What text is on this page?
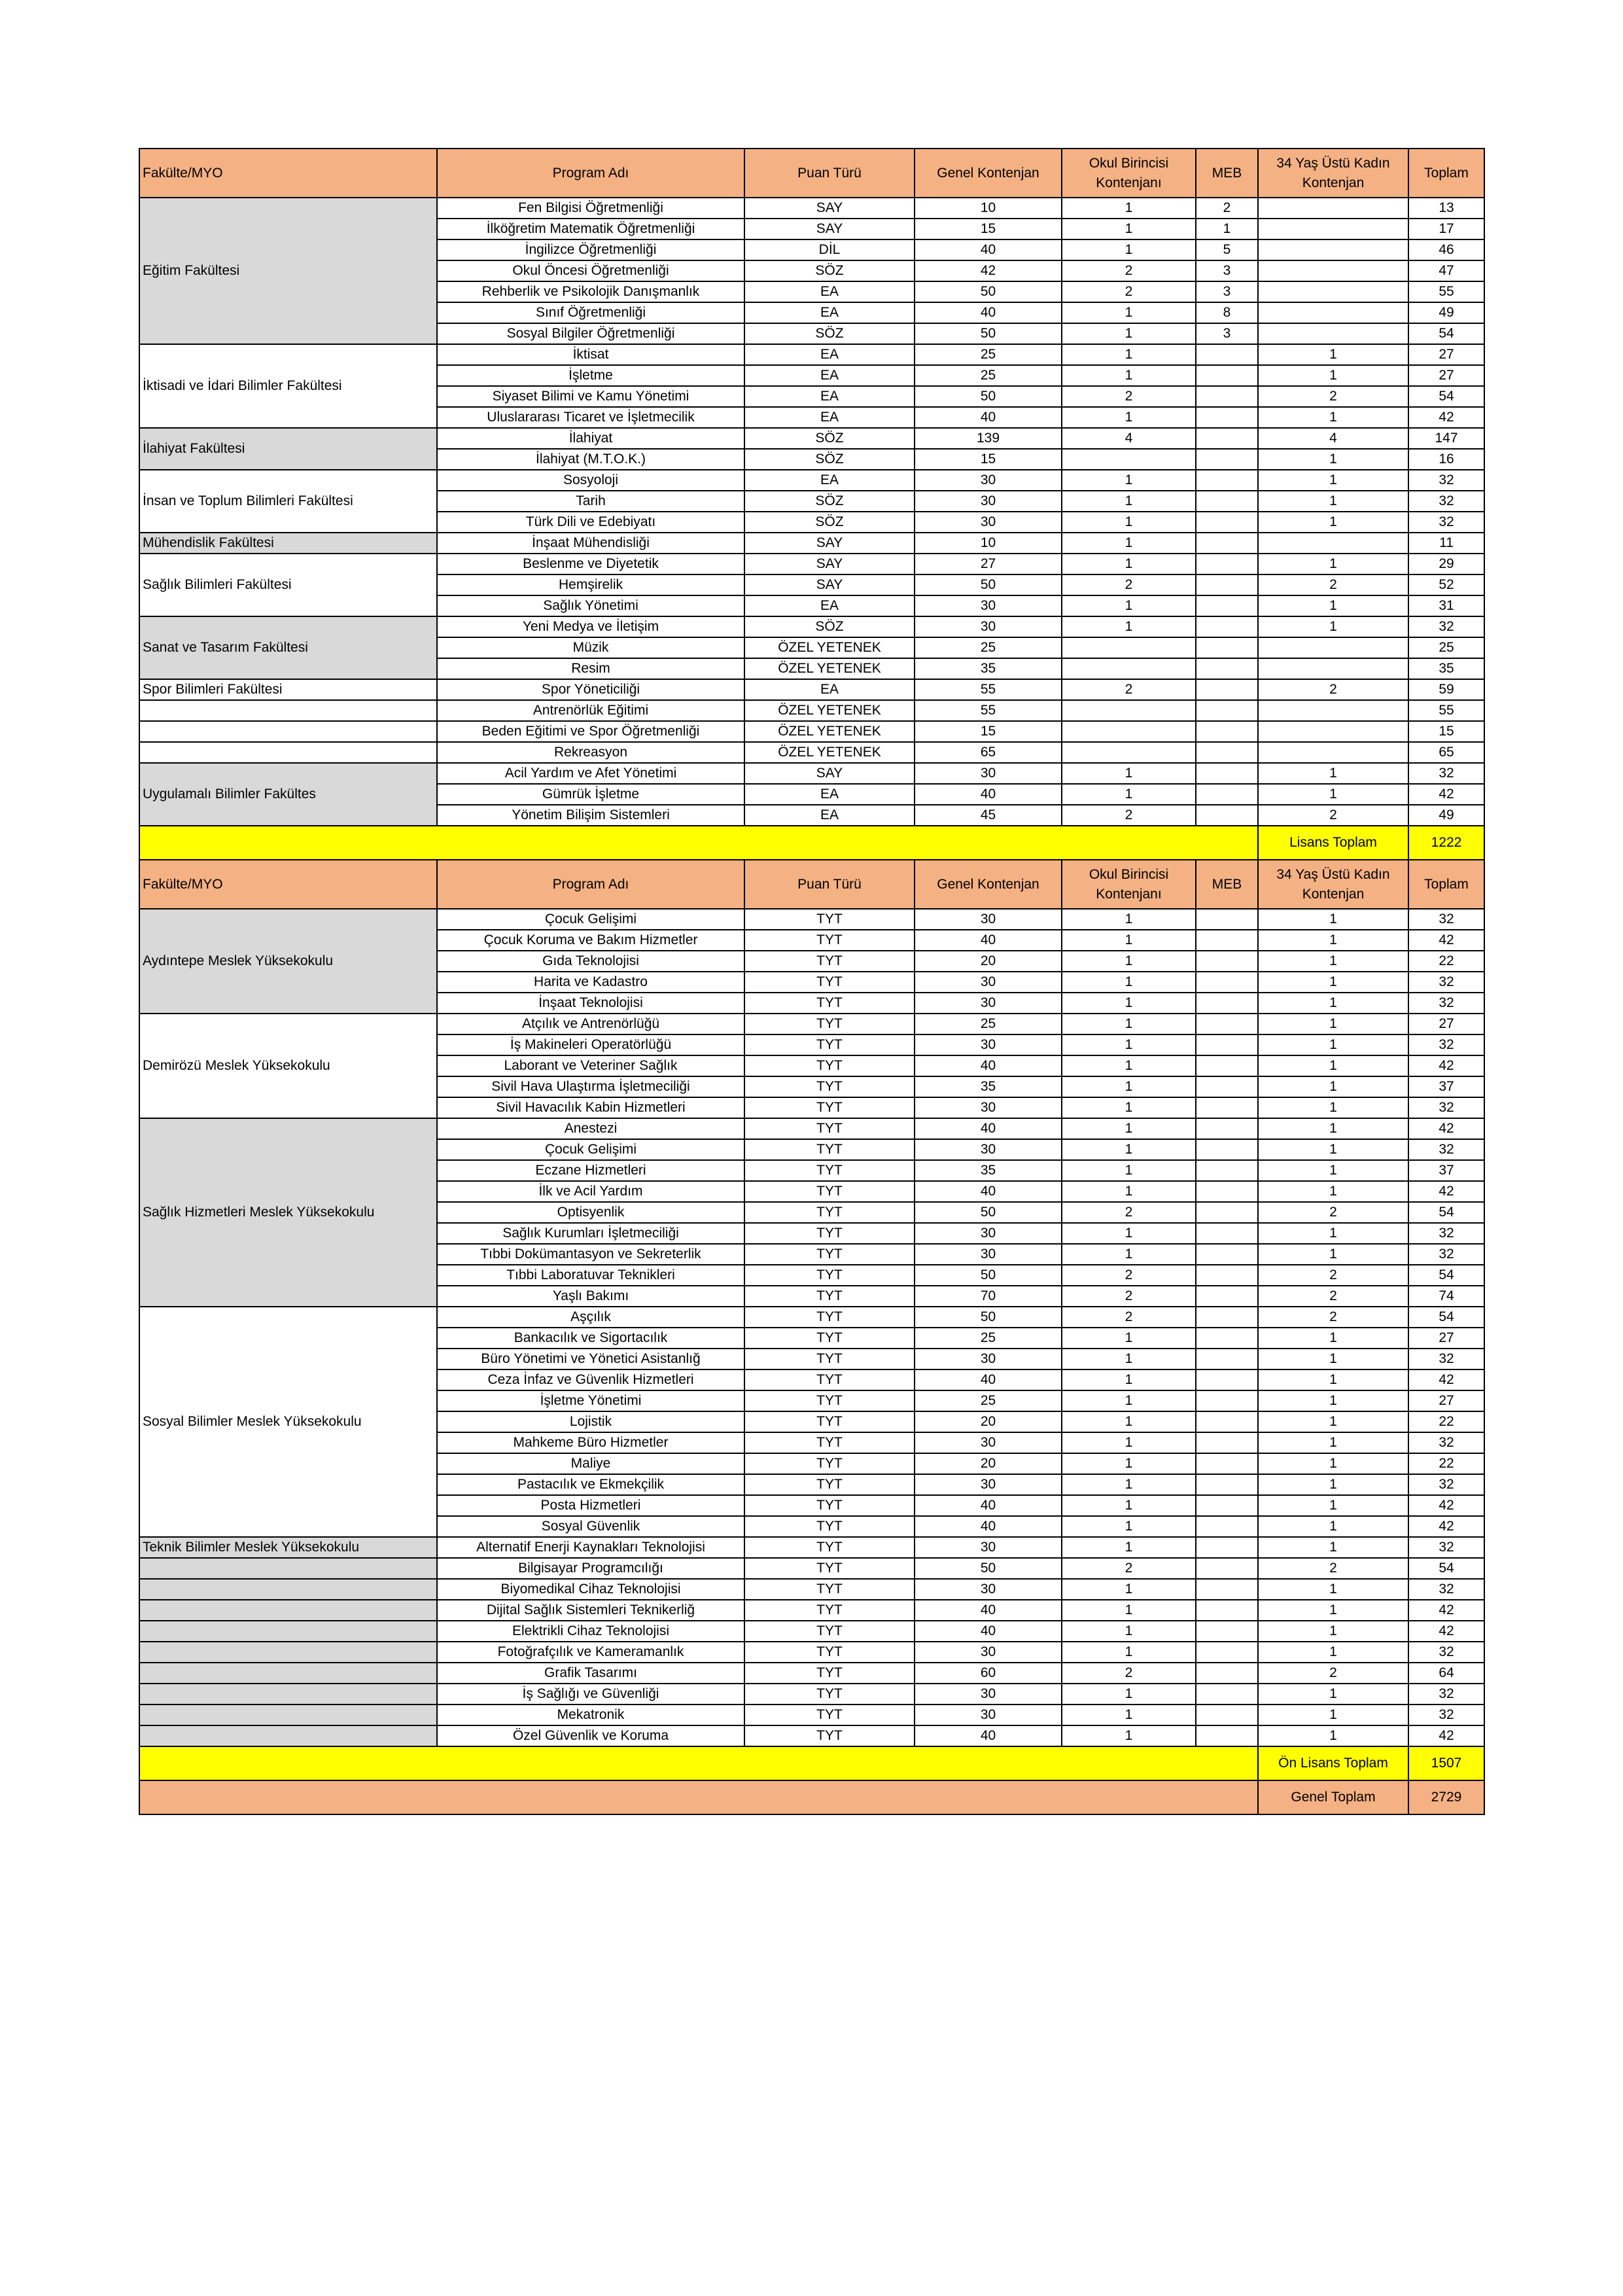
Fakülte/MYO	Program Adı	Puan Türü	Genel Kontenjan	Okul Birincisi Kontenjanı	MEB	34 Yaş Üstü Kadın Kontenjan	Toplam
Eğitim Fakültesi	Fen Bilgisi Öğretmenliği	SAY	10	1	2		13
	İlköğretim Matematik Öğretmenliği	SAY	15	1	1		17
	İngilizce Öğretmenliği	DİL	40	1	5		46
	Okul Öncesi Öğretmenliği	SÖZ	42	2	3		47
	Rehberlik ve Psikolojik Danışmanlık	EA	50	2	3		55
	Sınıf Öğretmenliği	EA	40	1	8		49
	Sosyal Bilgiler Öğretmenliği	SÖZ	50	1	3		54
İktisadi ve İdari Bilimler Fakültesi	İktisat	EA	25	1		1	27
	İşletme	EA	25	1		1	27
	Siyaset Bilimi ve Kamu Yönetimi	EA	50	2		2	54
	Uluslararası Ticaret ve İşletmecilik	EA	40	1		1	42
İlahiyat Fakültesi	İlahiyat	SÖZ	139	4		4	147
	İlahiyat (M.T.O.K.)	SÖZ	15			1	16
İnsan ve Toplum Bilimleri Fakültesi	Sosyoloji	EA	30	1		1	32
	Tarih	SÖZ	30	1		1	32
	Türk Dili ve Edebiyatı	SÖZ	30	1		1	32
Mühendislik Fakültesi	İnşaat Mühendisliği	SAY	10	1			11
Sağlık Bilimleri Fakültesi	Beslenme ve Diyetetik	SAY	27	1		1	29
	Hemşirelik	SAY	50	2		2	52
	Sağlık Yönetimi	EA	30	1		1	31
Sanat ve Tasarım Fakültesi	Yeni Medya ve İletişim	SÖZ	30	1		1	32
	Müzik	ÖZEL YETENEK	25				25
	Resim	ÖZEL YETENEK	35				35
Spor Bilimleri Fakültesi	Spor Yöneticiliği	EA	55	2		2	59
	Antrenörlük Eğitimi	ÖZEL YETENEK	55				55
	Beden Eğitimi ve Spor Öğretmenliği	ÖZEL YETENEK	15				15
	Rekreasyon	ÖZEL YETENEK	65				65
Uygulamalı Bilimler Fakültes	Acil Yardım ve Afet Yönetimi	SAY	30	1		1	32
	Gümrük İşletme	EA	40	1		1	42
	Yönetim Bilişim Sistemleri	EA	45	2		2	49
						Lisans Toplam	1222
Fakülte/MYO	Program Adı	Puan Türü	Genel Kontenjan	Okul Birincisi Kontenjanı	MEB	34 Yaş Üstü Kadın Kontenjan	Toplam
Aydıntepe Meslek Yüksekokulu	Çocuk Gelişimi	TYT	30	1		1	32
	Çocuk Koruma ve Bakım Hizmetler	TYT	40	1		1	42
	Gıda Teknolojisi	TYT	20	1		1	22
	Harita ve Kadastro	TYT	30	1		1	32
	İnşaat Teknolojisi	TYT	30	1		1	32
Demirözü Meslek Yüksekokulu	Atçılık ve Antrenörlüğü	TYT	25	1		1	27
	İş Makineleri Operatörlüğü	TYT	30	1		1	32
	Laborant ve Veteriner Sağlık	TYT	40	1		1	42
	Sivil Hava Ulaştırma İşletmeciliği	TYT	35	1		1	37
	Sivil Havacılık Kabin Hizmetleri	TYT	30	1		1	32
Sağlık Hizmetleri Meslek Yüksekokulu	Anestezi	TYT	40	1		1	42
	Çocuk Gelişimi	TYT	30	1		1	32
	Eczane Hizmetleri	TYT	35	1		1	37
	İlk ve Acil Yardım	TYT	40	1		1	42
	Optisyenlik	TYT	50	2		2	54
	Sağlık Kurumları İşletmeciliği	TYT	30	1		1	32
	Tıbbi Dokümantasyon ve Sekreterlik	TYT	30	1		1	32
	Tıbbi Laboratuvar Teknikleri	TYT	50	2		2	54
	Yaşlı Bakımı	TYT	70	2		2	74
Sosyal Bilimler Meslek Yüksekokulu	Aşçılık	TYT	50	2		2	54
	Bankacılık ve Sigortacılık	TYT	25	1		1	27
	Büro Yönetimi ve Yönetici Asistanlığ	TYT	30	1		1	32
	Ceza İnfaz ve Güvenlik Hizmetleri	TYT	40	1		1	42
	İşletme Yönetimi	TYT	25	1		1	27
	Lojistik	TYT	20	1		1	22
	Mahkeme Büro Hizmetler	TYT	30	1		1	32
	Maliye	TYT	20	1		1	22
	Pastacılık ve Ekmekçilik	TYT	30	1		1	32
	Posta Hizmetleri	TYT	40	1		1	42
	Sosyal Güvenlik	TYT	40	1		1	42
Teknik Bilimler Meslek Yüksekokulu	Alternatif Enerji Kaynakları Teknolojisi	TYT	30	1		1	32
	Bilgisayar Programcılığı	TYT	50	2		2	54
	Biyomedikal Cihaz Teknolojisi	TYT	30	1		1	32
	Dijital Sağlık Sistemleri Teknikerliğ	TYT	40	1		1	42
	Elektrikli Cihaz Teknolojisi	TYT	40	1		1	42
	Fotoğrafçılık ve Kameramanlık	TYT	30	1		1	32
	Grafik Tasarımı	TYT	60	2		2	64
	İş Sağlığı ve Güvenliği	TYT	30	1		1	32
	Mekatronik	TYT	30	1		1	32
	Özel Güvenlik ve Koruma	TYT	40	1		1	42
						Ön Lisans Toplam	1507
						Genel Toplam	2729
